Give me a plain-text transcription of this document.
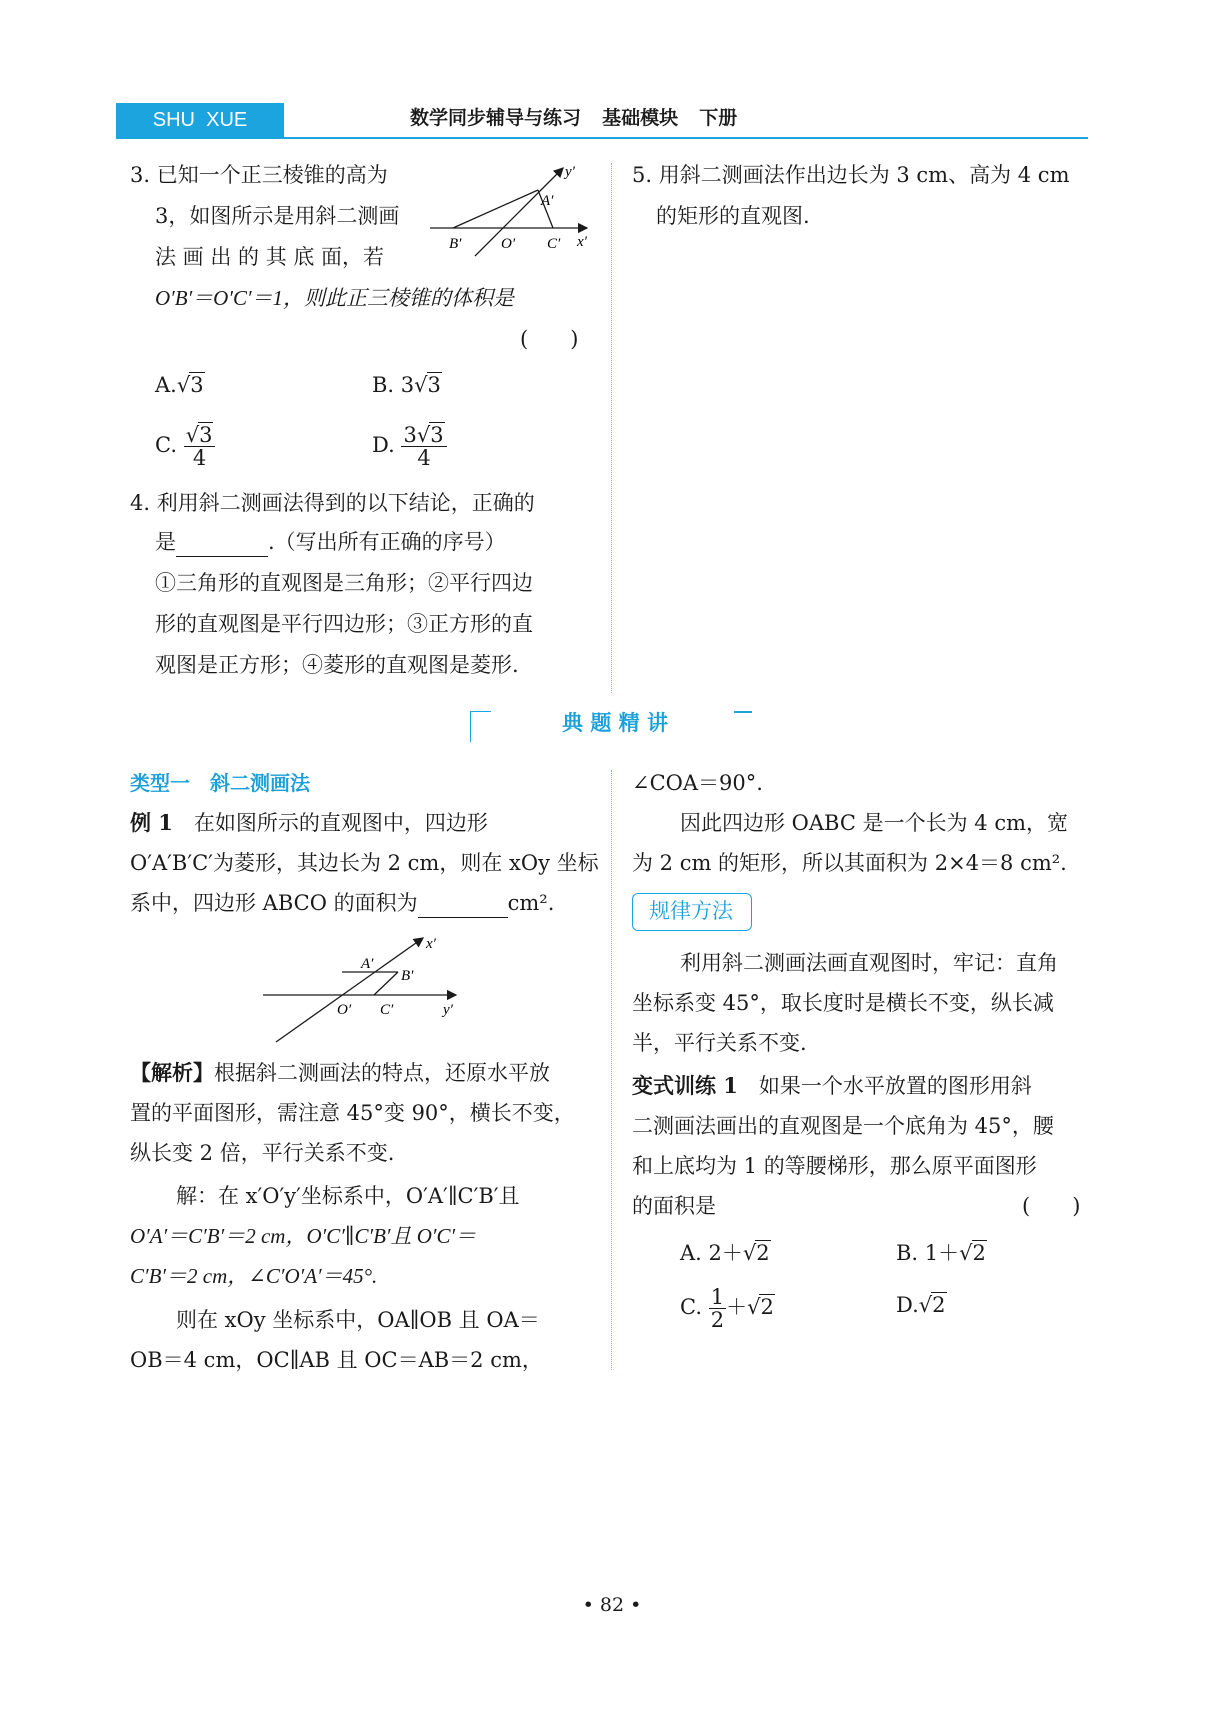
SHU  XUE	数学同步辅导与练习    基础模块    下册
3. 已知一个正三棱锥的高为
3，如图所示是用斜二测画
法 画 出 的 其 底 面，若
O′B′＝O′C′＝1，则此正三棱锥的体积是
(　　)
y′
A′
B′	O′ C′ x′
A.√3	B. 3√3
C. $\frac{√3}{4}$	D. $\frac{3√3}{4}$
4. 利用斜二测画法得到的以下结论，正确的
是	.（写出所有正确的序号）
①三角形的直观图是三角形；②平行四边
形的直观图是平行四边形；③正方形的直
观图是正方形；④菱形的直观图是菱形.
5. 用斜二测画法作出边长为 3 cm、高为 4 cm
的矩形的直观图.
典 题 精 讲
类型一　斜二测画法
例 1　在如图所示的直观图中，四边形
O′A′B′C′为菱形，其边长为 2 cm，则在 xOy 坐标
系中，四边形 ABCO 的面积为	cm².
x′
A′
B′
O′ C′	y′
【解析】根据斜二测画法的特点，还原水平放
置的平面图形，需注意 45°变 90°，横长不变，
纵长变 2 倍，平行关系不变.
解：在 x′O′y′坐标系中，O′A′∥C′B′且
O′A′＝C′B′＝2 cm，O′C′∥C′B′且 O′C′＝
C′B′＝2 cm，∠C′O′A′＝45°.
则在 xOy 坐标系中，OA∥OB 且 OA＝
OB＝4 cm，OC∥AB 且 OC＝AB＝2 cm，
∠COA＝90°.
因此四边形 OABC 是一个长为 4 cm，宽
为 2 cm 的矩形，所以其面积为 2×4＝8 cm².
规律方法
利用斜二测画法画直观图时，牢记：直角
坐标系变 45°，取长度时是横长不变，纵长减
半，平行关系不变.
变式训练 1　如果一个水平放置的图形用斜
二测画法画出的直观图是一个底角为 45°，腰
和上底均为 1 的等腰梯形，那么原平面图形
的面积是	(　　)
A. 2＋√2	B. 1＋√2
C. $\frac{1}{2} +√2$	D.√2
• 82 •
